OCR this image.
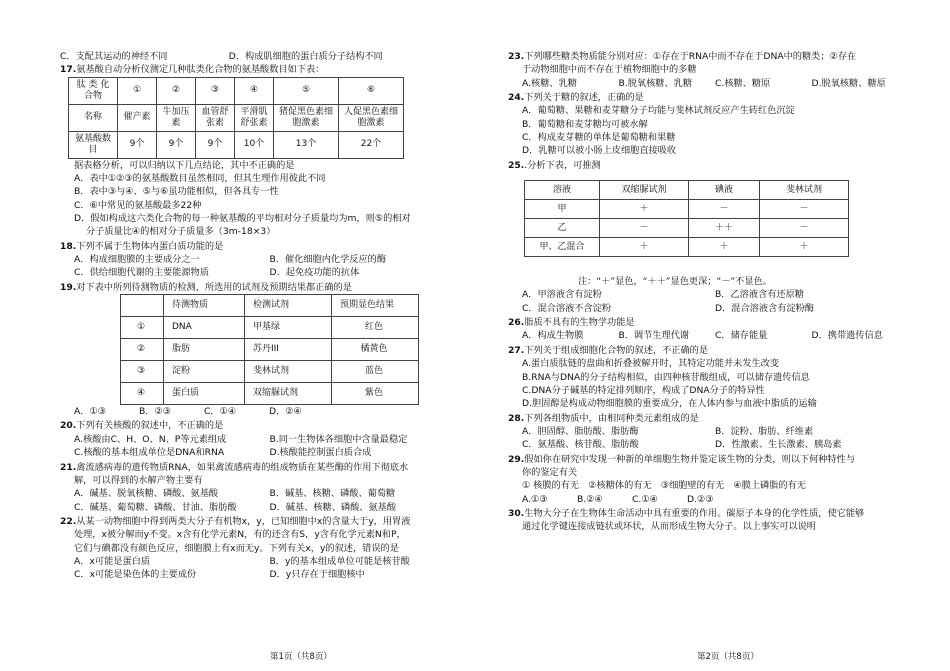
C．支配其运动的神经不同	D．构成肌细胞的蛋白质分子结构不同
17.氨基酸自动分析仪测定几种肽类化合物的氨基酸数目如下表：
肽 类 化 合物	①	②	③	④	⑤	⑥
名称	催产素	牛加压素	血管舒张素	平滑肌舒张素	猪促黑色素细胞激素	人促黑色素细胞激素
氨基酸数目	9个	9个	9个	10个	13个	22个
据表格分析，可以归纳以下几点结论，其中不正确的是
A．表中①②③的氨基酸数目虽然相同，但其生理作用彼此不同
B．表中③与④、⑤与⑥虽功能相似，但各具专一性
C．⑥中常见的氨基酸最多22种
D．假如构成这六类化合物的每一种氨基酸的平均相对分子质量均为m，则⑤的相对
分子质量比④的相对分子质量多（3m-18×3）
18.下列不属于生物体内蛋白质功能的是
A．构成细胞膜的主要成分之一	B．催化细胞内化学反应的酶
C．供给细胞代谢的主要能源物质	D．起免疫功能的抗体
19.对下表中所列待测物质的检测，所选用的试剂及预期结果都正确的是
	待测物质	检测试剂	预期显色结果
①	DNA	甲基绿	红色
②	脂肪	苏丹III	橘黄色
③	淀粉	斐林试剂	蓝色
④	蛋白质	双缩脲试剂	紫色
A．①③	B．②③	C．①④	D．②④
20.下列有关核酸的叙述中，不正确的是
A.核酸由C、H、O、N、P等元素组成	B.同一生物体各细胞中含量最稳定
C.核酸的基本组成单位是DNA和RNA	D.核酸能控制蛋白质合成
21.禽流感病毒的遗传物质RNA，如果禽流感病毒的组成物质在某些酶的作用下彻底水
解，可以得到的水解产物主要有
A．碱基、脱氧核糖、磷酸、氨基酸	B．碱基、核糖、磷酸、葡萄糖
C．碱基、葡萄糖、磷酸、甘油、脂肪酸	D．碱基、核糖、磷酸、氨基酸
22.从某一动物细胞中得到两类大分子有机物x，y，已知细胞中x的含量大于y，用胃液
处理，x被分解而y不变。x含有化学元素N，有的还含有S，y含有化学元素N和P，
它们与碘都没有颜色反应，细胞膜上有x而无y。下列有关x，y的叙述，错误的是
A．x可能是蛋白质	B．y的基本组成单位可能是核苷酸
C．x可能是染色体的主要成份	D．y只存在于细胞核中
23.下列哪些糖类物质能分别对应：①存在于RNA中而不存在于DNA中的糖类；②存在
于动物细胞中而不存在于植物细胞中的多糖
A.核糖、乳糖	B.脱氧核糖、乳糖	C.核糖、糖原	D.脱氧核糖、糖原
24.下列关于糖的叙述，正确的是
A．葡萄糖、果糖和麦芽糖分子均能与斐林试剂反应产生砖红色沉淀
B．葡萄糖和麦芽糖均可被水解
C．构成麦芽糖的单体是葡萄糖和果糖
D．乳糖可以被小肠上皮细胞直接吸收
25..分析下表，可推测
溶液	双缩脲试剂	碘液	斐林试剂
甲	＋	－	－
乙	－	＋＋	－
甲、乙混合	＋	＋	＋
注：“＋”显色，“＋＋”显色更深；“－”不显色。
A．甲溶液含有淀粉	B．乙溶液含有还原糖
C．混合溶液不含淀粉	D．混合溶液含有淀粉酶
26.脂质不具有的生物学功能是
A．构成生物膜	B．调节生理代谢	C．储存能量	D．携带遗传信息
27.下列关于组成细胞化合物的叙述，不正确的是
A.蛋白质肽链的盘曲和折叠被解开时，其特定功能并未发生改变
B.RNA与DNA的分子结构相似，由四种核苷酸组成，可以储存遗传信息
C.DNA分子碱基的特定排列顺序，构成了DNA分子的特异性
D.胆固醇是构成动物细胞膜的重要成分，在人体内参与血液中脂质的运输
28.下列各组物质中，由相同种类元素组成的是
A．胆固醇、脂肪酸、脂肪酶	B．淀粉、脂肪、纤维素
C．氨基酸、核苷酸、脂肪酸	D．性激素、生长激素、胰岛素
29.假如你在研究中发现一种新的单细胞生物并鉴定该生物的分类，则以下何种特性与
你的鉴定有关
① 核膜的有无　②核糖体的有无　③细胞壁的有无　④膜上磷脂的有无
A.①③	B.②④	C.①④	D.②③
30.生物大分子在生物体生命活动中具有重要的作用。碳原子本身的化学性质，使它能够
通过化学键连接成链状或环状，从而形成生物大分子。以上事实可以说明
第1页（共8页）	第2页（共8页）
